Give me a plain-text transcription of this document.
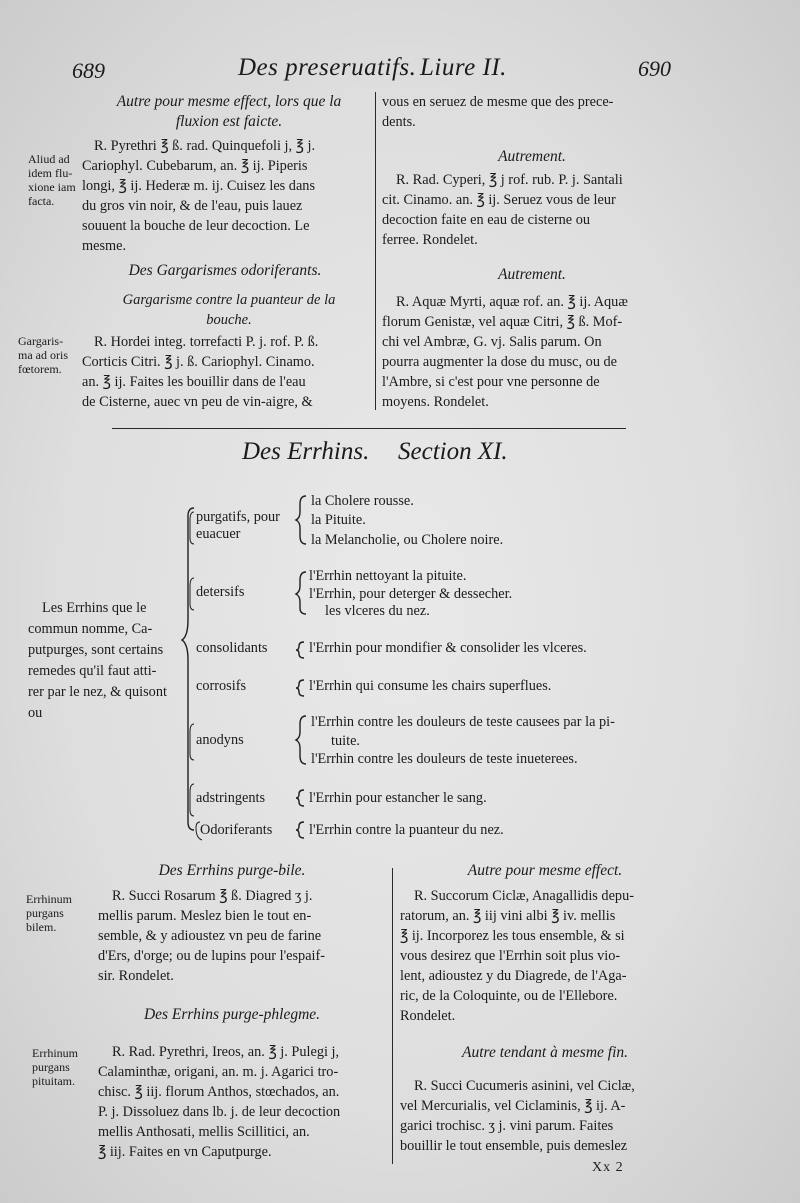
689	Des preseruatifs. Liure II.	690
Autre pour mesme effect, lors que la
fluxion est faicte.
Aliud ad
idem flu-
xione iam
facta.
R. Pyrethri ℥ ß. rad. Quinquefoli j, ℥ j.
Cariophyl. Cubebarum, an. ℥ ij. Piperis
longi, ℥ ij. Hederæ m. ij. Cuisez les dans
du gros vin noir, & de l'eau, puis lauez
souuent la bouche de leur decoction. Le
mesme.
Des Gargarismes odoriferants.
Gargarisme contre la puanteur de la
bouche.
Gargaris-
ma ad oris
fœtorem.
R. Hordei integ. torrefacti P. j. rof. P. ß.
Corticis Citri. ℥ j. ß. Cariophyl. Cinamo.
an. ℥ ij. Faites les bouillir dans de l'eau
de Cisterne, auec vn peu de vin-aigre, &
vous en seruez de mesme que des prece-
dents.
Autrement.
R. Rad. Cyperi, ℥ j rof. rub. P. j. Santali
cit. Cinamo. an. ℥ ij. Seruez vous de leur
decoction faite en eau de cisterne ou
ferree. Rondelet.
Autrement.
R. Aquæ Myrti, aquæ rof. an. ℥ ij. Aquæ
florum Genistæ, vel aquæ Citri, ℥ ß. Mof-
chi vel Ambræ, G. vj. Salis parum. On
pourra augmenter la dose du musc, ou de
l'Ambre, si c'est pour vne personne de
moyens. Rondelet.
Des Errhins. Section XI.
Les Errhins que le
commun nomme, Ca-
putpurges, sont certains
remedes qu'il faut atti-
rer par le nez, & quisont
ou
purgatifs, pour
euacuer
detersifs
consolidants
corrosifs
anodyns
adstringents
Odoriferants
la Cholere rousse.
la Pituite.
la Melancholie, ou Cholere noire.
l'Errhin nettoyant la pituite.
l'Errhin, pour deterger & dessecher.
les vlceres du nez.
l'Errhin pour mondifier & consolider les vlceres.
l'Errhin qui consume les chairs superflues.
l'Errhin contre les douleurs de teste causees par la pi-
tuite.
l'Errhin contre les douleurs de teste inueterees.
l'Errhin pour estancher le sang.
l'Errhin contre la puanteur du nez.
Des Errhins purge-bile.
Errhinum
purgans
bilem.
R. Succi Rosarum ℥ ß. Diagred ʒ j.
mellis parum. Meslez bien le tout en-
semble, & y adioustez vn peu de farine
d'Ers, d'orge; ou de lupins pour l'espaif-
sir. Rondelet.
Des Errhins purge-phlegme.
Errhinum
purgans
pituitam.
R. Rad. Pyrethri, Ireos, an. ℥ j. Pulegi j,
Calaminthæ, origani, an. m. j. Agarici tro-
chisc. ℥ iij. florum Anthos, stœchados, an.
P. j. Dissoluez dans lb. j. de leur decoction
mellis Anthosati, mellis Scillitici, an.
℥ iij. Faites en vn Caputpurge.
Autre pour mesme effect.
R. Succorum Ciclæ, Anagallidis depu-
ratorum, an. ℥ iij vini albi ℥ iv. mellis
℥ ij. Incorporez les tous ensemble, & si
vous desirez que l'Errhin soit plus vio-
lent, adioustez y du Diagrede, de l'Aga-
ric, de la Coloquinte, ou de l'Ellebore.
Rondelet.
Autre tendant à mesme fin.
R. Succi Cucumeris asinini, vel Ciclæ,
vel Mercurialis, vel Ciclaminis, ℥ ij. A-
garici trochisc. ʒ j. vini parum. Faites
bouillir le tout ensemble, puis demeslez
Xx 2
